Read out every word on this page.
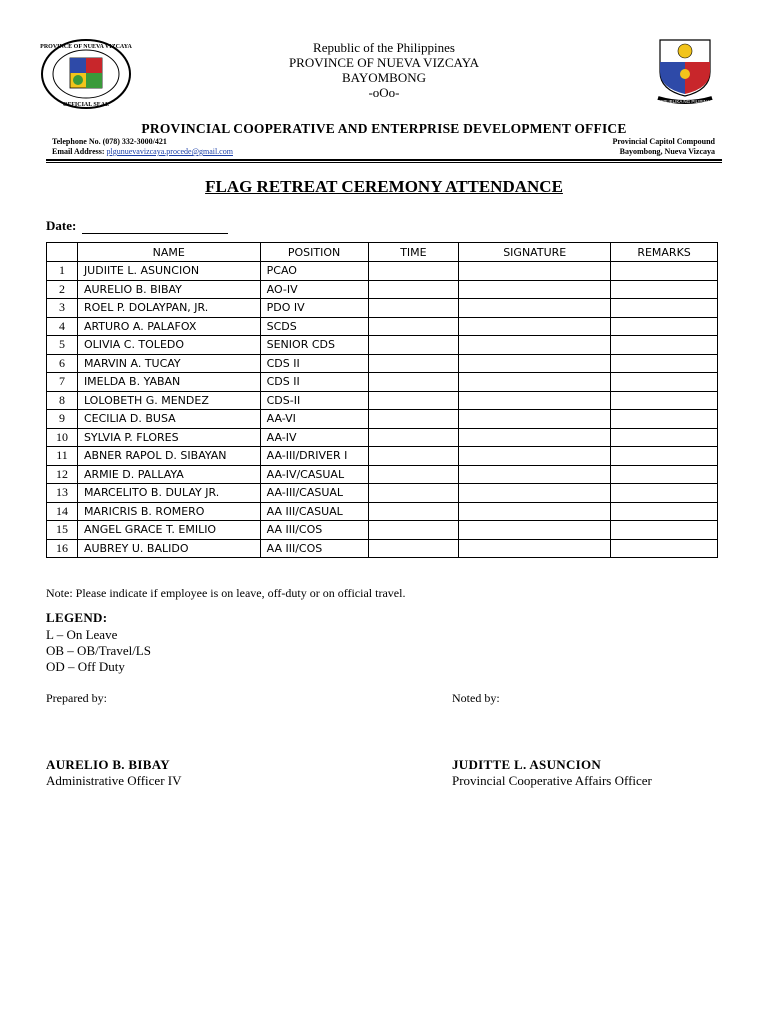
PROVINCE OF NUEVA VIZCAYA
OFFICIAL SEAL
REPUBLIKA NG PILIPINAS
Republic of the Philippines
PROVINCE OF NUEVA VIZCAYA
BAYOMBONG
-oOo-
PROVINCIAL COOPERATIVE AND ENTERPRISE DEVELOPMENT OFFICE
Telephone No. (078) 332-3000/421
Email Address: plgunuevavizcaya.procede@gmail.com
Provincial Capitol Compound
Bayombong, Nueva Vizcaya
FLAG RETREAT CEREMONY ATTENDANCE
Date:
	NAME	POSITION	TIME	SIGNATURE	REMARKS
1	JUDIITE L. ASUNCION	PCAO			
2	AURELIO B. BIBAY	AO-IV			
3	ROEL P. DOLAYPAN, JR.	PDO IV			
4	ARTURO A. PALAFOX	SCDS			
5	OLIVIA C. TOLEDO	SENIOR CDS			
6	MARVIN A. TUCAY	CDS II			
7	IMELDA B. YABAN	CDS II			
8	LOLOBETH G. MENDEZ	CDS-II			
9	CECILIA D. BUSA	AA-VI			
10	SYLVIA P. FLORES	AA-IV			
11	ABNER RAPOL D. SIBAYAN	AA-III/DRIVER I			
12	ARMIE D. PALLAYA	AA-IV/CASUAL			
13	MARCELITO B. DULAY JR.	AA-III/CASUAL			
14	MARICRIS B. ROMERO	AA III/CASUAL			
15	ANGEL GRACE T. EMILIO	AA III/COS			
16	AUBREY U. BALIDO	AA III/COS			
Note: Please indicate if employee is on leave, off-duty or on official travel.
LEGEND:
L – On Leave
OB – OB/Travel/LS
OD – Off Duty
Prepared by:	Noted by:
AURELIO B. BIBAY	JUDITTE L. ASUNCION
Administrative Officer IV	Provincial Cooperative Affairs Officer
